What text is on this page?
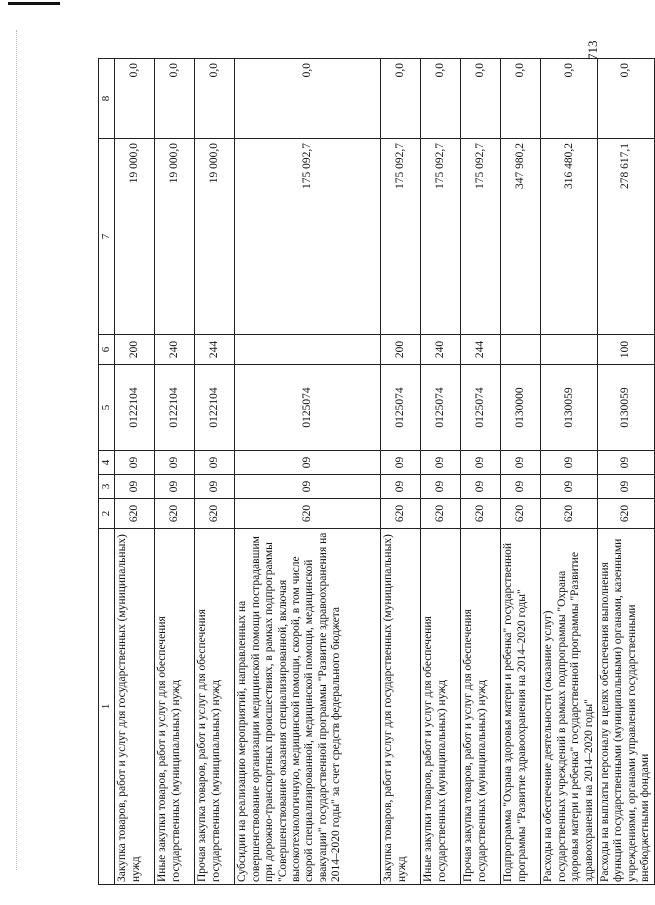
713
1	2	3	4	5	6	7	8
Закупка товаров, работ и услуг для государственных (муниципальных) нужд	620	09	09	0122104	200	19 000,0	0,0
Иные закупки товаров, работ и услуг для обеспечения государственных (муниципальных) нужд	620	09	09	0122104	240	19 000,0	0,0
Прочая закупка товаров, работ и услуг для обеспечения государственных (муниципальных) нужд	620	09	09	0122104	244	19 000,0	0,0
Субсидии на реализацию мероприятий, направленных на совершенствование организации медицинской помощи пострадавшим при дорожно-транспортных происшествиях, в рамках подпрограммы "Совершенствование оказания специализированной, включая высокотехнологичную, медицинской помощи, скорой, в том числе скорой специализированной, медицинской помощи, медицинской эвакуации" государственной программы "Развитие здравоохранения на 2014–2020 годы" за счет средств федерального бюджета	620	09	09	0125074		175 092,7	0,0
Закупка товаров, работ и услуг для государственных (муниципальных) нужд	620	09	09	0125074	200	175 092,7	0,0
Иные закупки товаров, работ и услуг для обеспечения государственных (муниципальных) нужд	620	09	09	0125074	240	175 092,7	0,0
Прочая закупка товаров, работ и услуг для обеспечения государственных (муниципальных) нужд	620	09	09	0125074	244	175 092,7	0,0
Подпрограмма "Охрана здоровья матери и ребенка" государственной программы "Развитие здравоохранения на 2014–2020 годы"	620	09	09	0130000		347 980,2	0,0
Расходы на обеспечение деятельности (оказание услуг) государственных учреждений в рамках подпрограммы "Охрана здоровья матери и ребенка" государственной программы "Развитие здравоохранения на 2014–2020 годы"	620	09	09	0130059		316 480,2	0,0
Расходы на выплаты персоналу в целях обеспечения выполнения функций государственными (муниципальными) органами, казенными учреждениями, органами управления государственными внебюджетными фондами	620	09	09	0130059	100	278 617,1	0,0
